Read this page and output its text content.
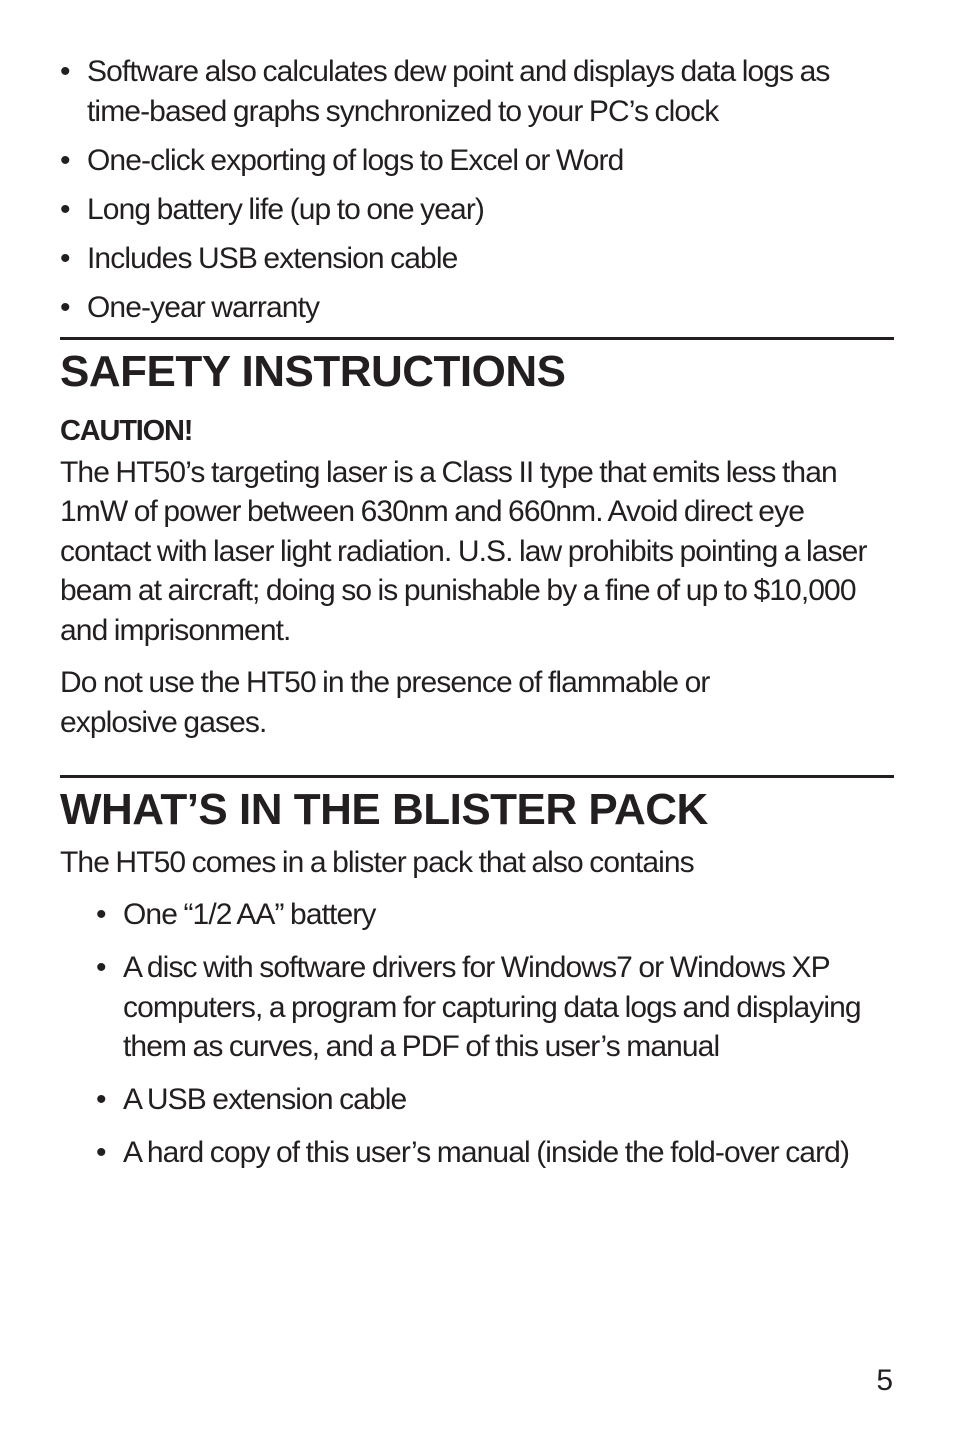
• Software also calculates dew point and displays data logs as time-based graphs synchronized to your PC’s clock
• One-click exporting of logs to Excel or Word
• Long battery life (up to one year)
• Includes USB extension cable
• One-year warranty
SAFETY INSTRUCTIONS
CAUTION!

The HT50’s targeting laser is a Class II type that emits less than 1mW of power between 630nm and 660nm. Avoid direct eye contact with laser light radiation. U.S. law prohibits pointing a laser beam at aircraft; doing so is punishable by a fine of up to $10,000 and imprisonment.

Do not use the HT50 in the presence of flammable or explosive gases.

WHAT’S IN THE BLISTER PACK

The HT50 comes in a blister pack that also contains

• One “1/2 AA” battery
• A disc with software drivers for Windows7 or Windows XP computers, a program for capturing data logs and displaying them as curves, and a PDF of this user’s manual
• A USB extension cable
• A hard copy of this user’s manual (inside the fold-over card)
5
